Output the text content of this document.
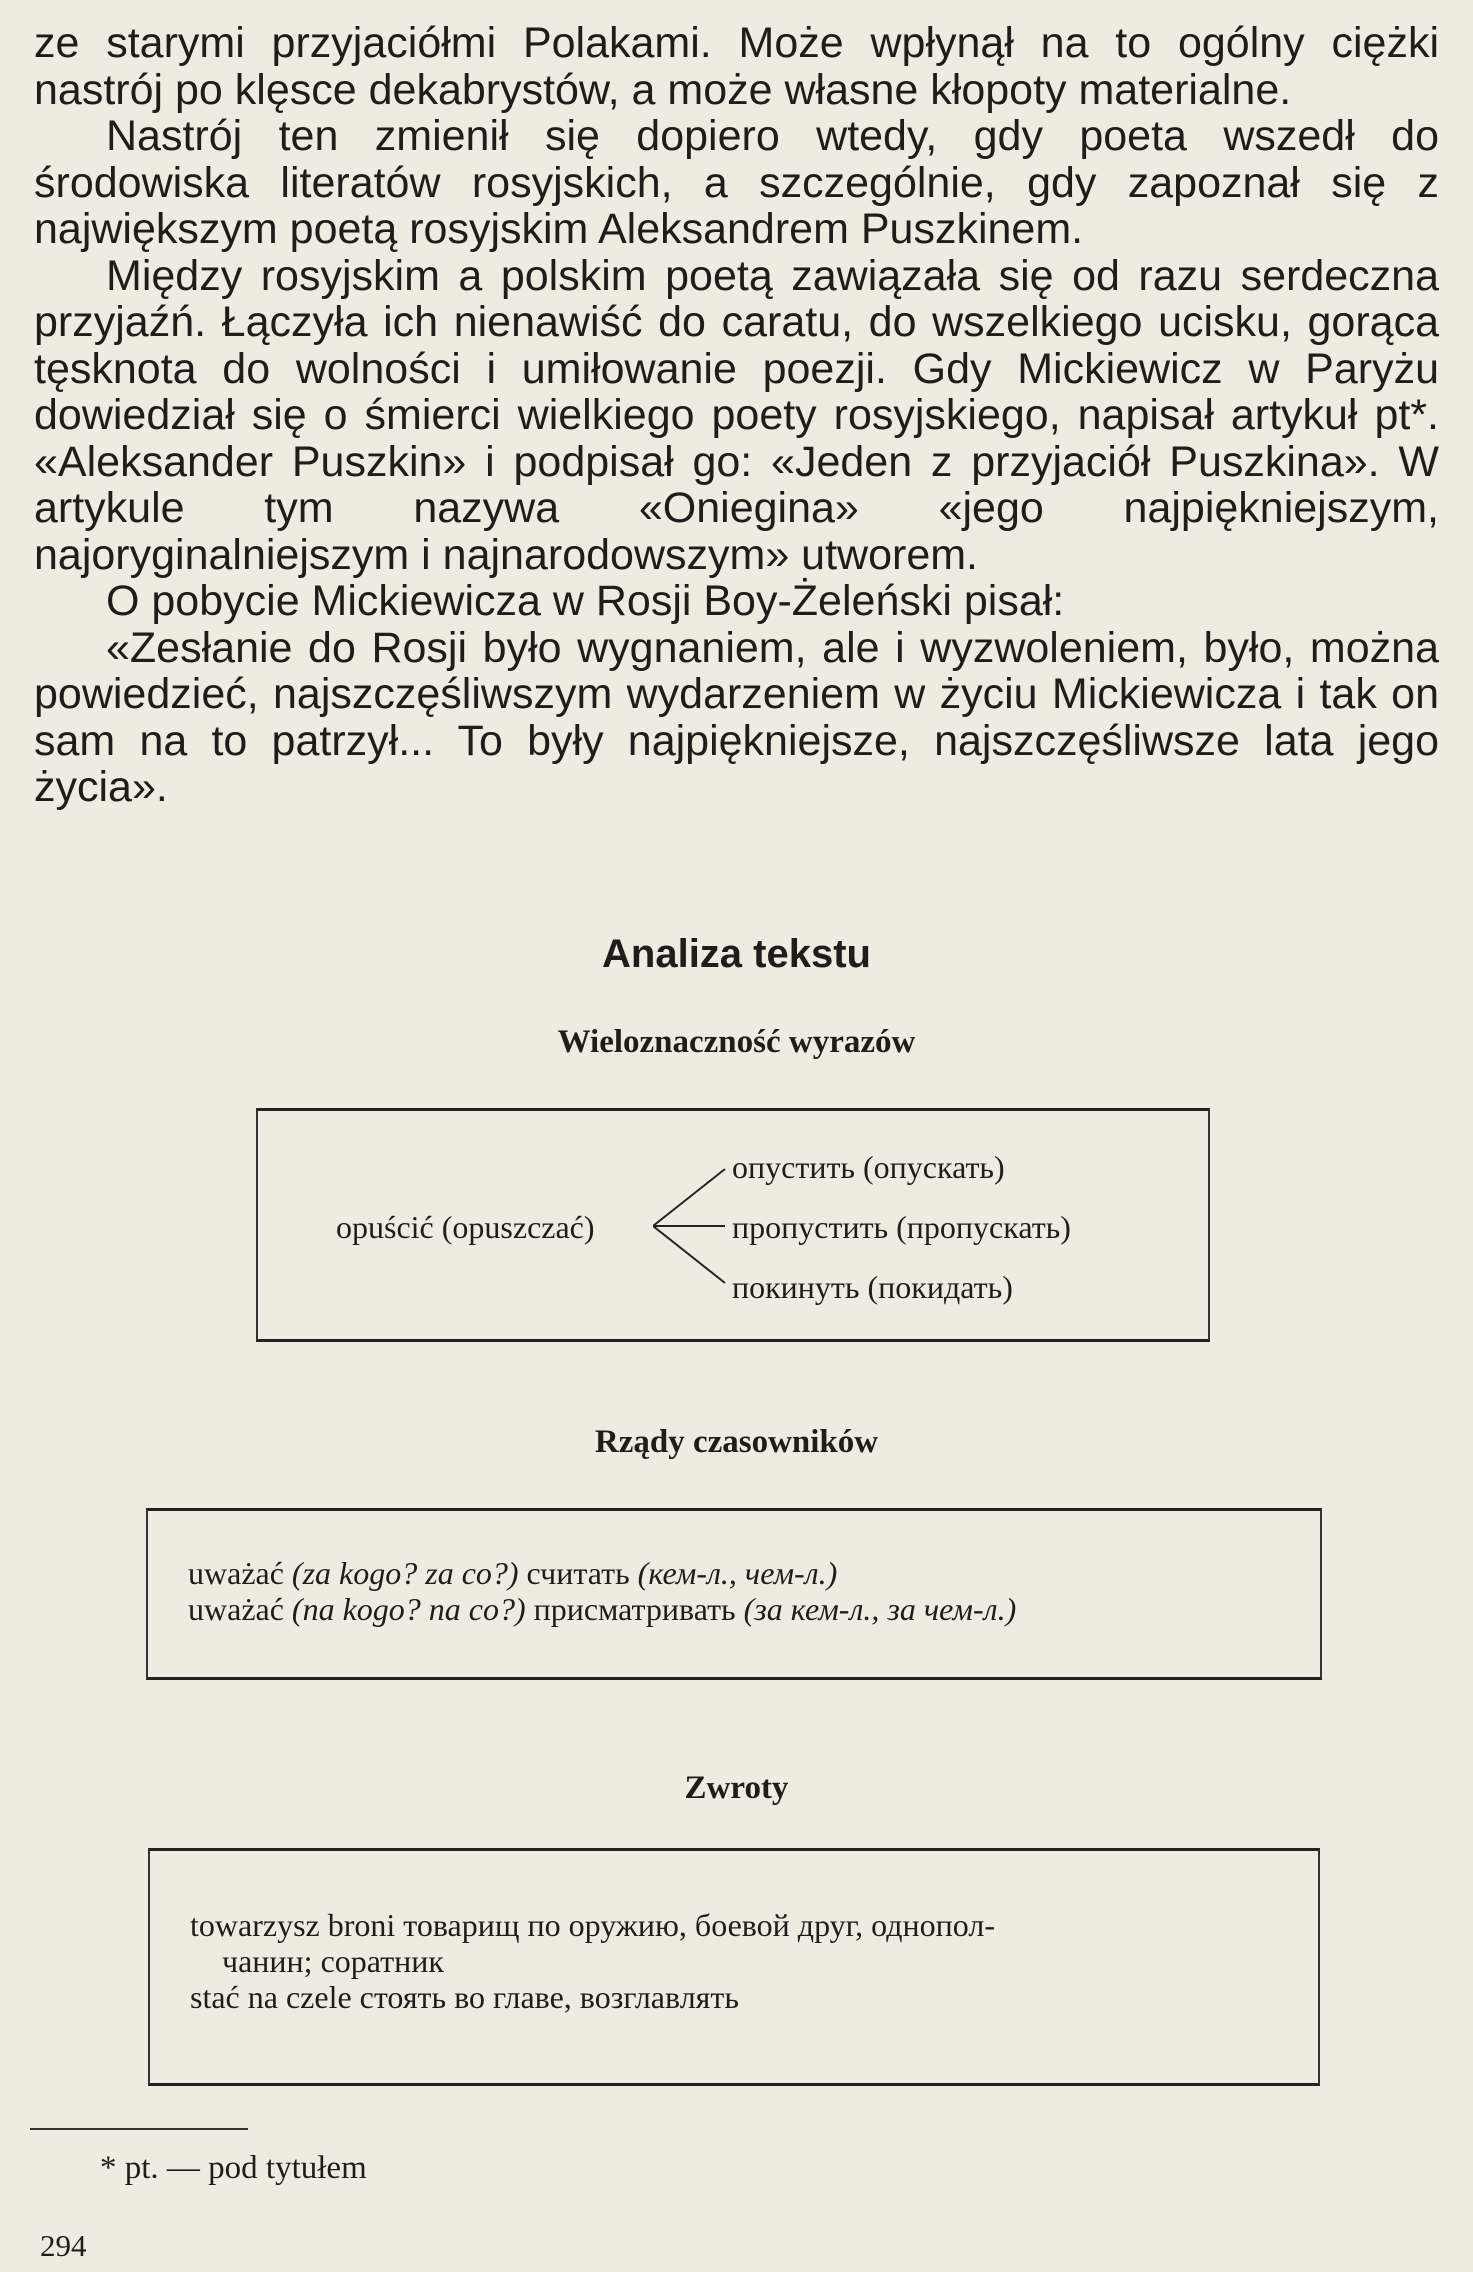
ze starymi przyjaciółmi Polakami. Może wpłynął na to ogólny ciężki nastrój po klęsce dekabrystów, a może własne kłopoty materialne.

Nastrój ten zmienił się dopiero wtedy, gdy poeta wszedł do środowiska literatów rosyjskich, a szczególnie, gdy zapoznał się z największym poetą rosyjskim Aleksandrem Puszkinem.

Między rosyjskim a polskim poetą zawiązała się od razu serdeczna przyjaźń. Łączyła ich nienawiść do caratu, do wszelkiego ucisku, gorąca tęsknota do wolności i umiłowanie poezji. Gdy Mickiewicz w Paryżu dowiedział się o śmierci wielkiego poety rosyjskiego, napisał artykuł pt*. «Aleksander Puszkin» i podpisał go: «Jeden z przyjaciół Puszkina». W artykule tym nazywa «Oniegina» «jego najpiękniejszym, najoryginalniejszym i najnarodowszym» utworem.

O pobycie Mickiewicza w Rosji Boy-Żeleński pisał:

«Zesłanie do Rosji było wygnaniem, ale i wyzwoleniem, było, można powiedzieć, najszczęśliwszym wydarzeniem w życiu Mickiewicza i tak on sam na to patrzył... To były najpiękniejsze, najszczęśliwsze lata jego życia».

Analiza tekstu
Wieloznaczność wyrazów
opuścić (opuszczać)
опустить (опускать)
пропустить (пропускать)
покинуть (покидать)
Rządy czasowników
uważać (za kogo? za co?) считать (кем-л., чем-л.)
uważać (na kogo? na co?) присматривать (за кем-л., за чем-л.)
Zwroty
towarzysz broni товарищ по оружию, боевой друг, однопол-
чанин; соратник
stać na czele стоять во главе, возглавлять
* pt. — pod tytułem
294
